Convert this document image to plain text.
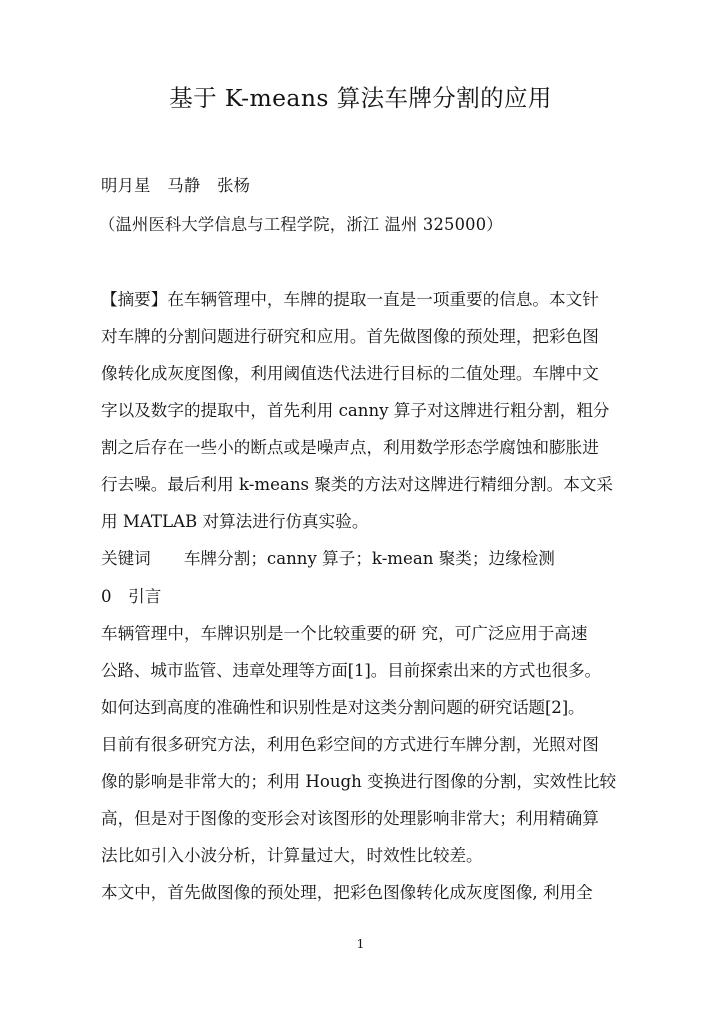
基于 K-means 算法车牌分割的应用
明月星　马静　张杨
（温州医科大学信息与工程学院，浙江 温州 325000）
【摘要】在车辆管理中，车牌的提取一直是一项重要的信息。本文针
对车牌的分割问题进行研究和应用。首先做图像的预处理，把彩色图
像转化成灰度图像，利用阈值迭代法进行目标的二值处理。车牌中文
字以及数字的提取中，首先利用 canny 算子对这牌进行粗分割，粗分
割之后存在一些小的断点或是噪声点，利用数学形态学腐蚀和膨胀进
行去噪。最后利用 k-means 聚类的方法对这牌进行精细分割。本文采
用 MATLAB 对算法进行仿真实验。
关键词　　车牌分割；canny 算子；k-mean 聚类；边缘检测
0　引言
车辆管理中，车牌识别是一个比较重要的研 究，可广泛应用于高速
公路、城市监管、违章处理等方面[1]。目前探索出来的方式也很多。
如何达到高度的准确性和识别性是对这类分割问题的研究话题[2]。
目前有很多研究方法，利用色彩空间的方式进行车牌分割，光照对图
像的影响是非常大的；利用 Hough 变换进行图像的分割，实效性比较
高，但是对于图像的变形会对该图形的处理影响非常大；利用精确算
法比如引入小波分析，计算量过大，时效性比较差。
本文中，首先做图像的预处理，把彩色图像转化成灰度图像, 利用全
1
